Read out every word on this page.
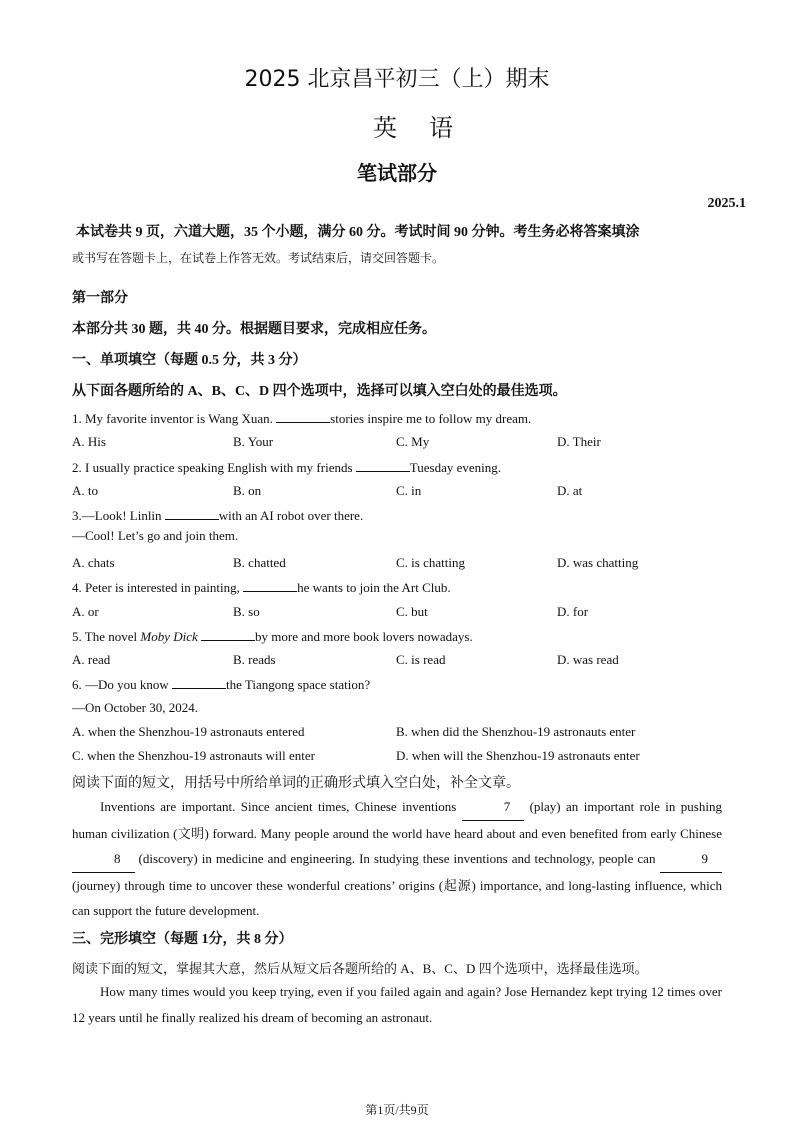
2025 北京昌平初三（上）期末
英语
笔试部分
2025.1
本试卷共 9 页，六道大题，35 个小题，满分 60 分。考试时间 90 分钟。考生务必将答案填涂
或书写在答题卡上，在试卷上作答无效。考试结束后，请交回答题卡。
第一部分
本部分共 30 题，共 40 分。根据题目要求，完成相应任务。
一、单项填空（每题 0.5 分，共 3 分）
从下面各题所给的 A、B、C、D 四个选项中，选择可以填入空白处的最佳选项。
1. My favorite inventor is Wang Xuan.	stories inspire me to follow my dream.
A. His	B. Your	C. My	D. Their
2. I usually practice speaking English with my friends	Tuesday evening.
A. to	B. on	C. in	D. at
3.—Look! Linlin	with an AI robot over there.
—Cool! Let’s go and join them.
A. chats	B. chatted	C. is chatting	D. was chatting
4. Peter is interested in painting,	he wants to join the Art Club.
A. or	B. so	C. but	D. for
5. The novel Moby Dick	by more and more book lovers nowadays.
A. read	B. reads	C. is read	D. was read
6. —Do you know	the Tiangong space station?
—On October 30, 2024.
A. when the Shenzhou-19 astronauts entered	B. when did the Shenzhou-19 astronauts enter
C. when the Shenzhou-19 astronauts will enter	D. when will the Shenzhou-19 astronauts enter
阅读下面的短文，用括号中所给单词的正确形式填入空白处，补全文章。
Inventions are important. Since ancient times, Chinese inventions	7 (play) an important role in pushing human civilization (文明) forward. Many people around the world have heard about and even benefited from early Chinese 8 (discovery) in medicine and engineering. In studying these inventions and technology, people can	9 (journey) through time to uncover these wonderful creations’ origins (起源) importance, and long-lasting influence, which can support the future development.
三、完形填空（每题 1分，共 8 分）
阅读下面的短文，掌握其大意，然后从短文后各题所给的 A、B、C、D 四个选项中，选择最佳选项。
How many times would you keep trying, even if you failed again and again? Jose Hernandez kept trying 12 times over 12 years until he finally realized his dream of becoming an astronaut.
第1页/共9页
